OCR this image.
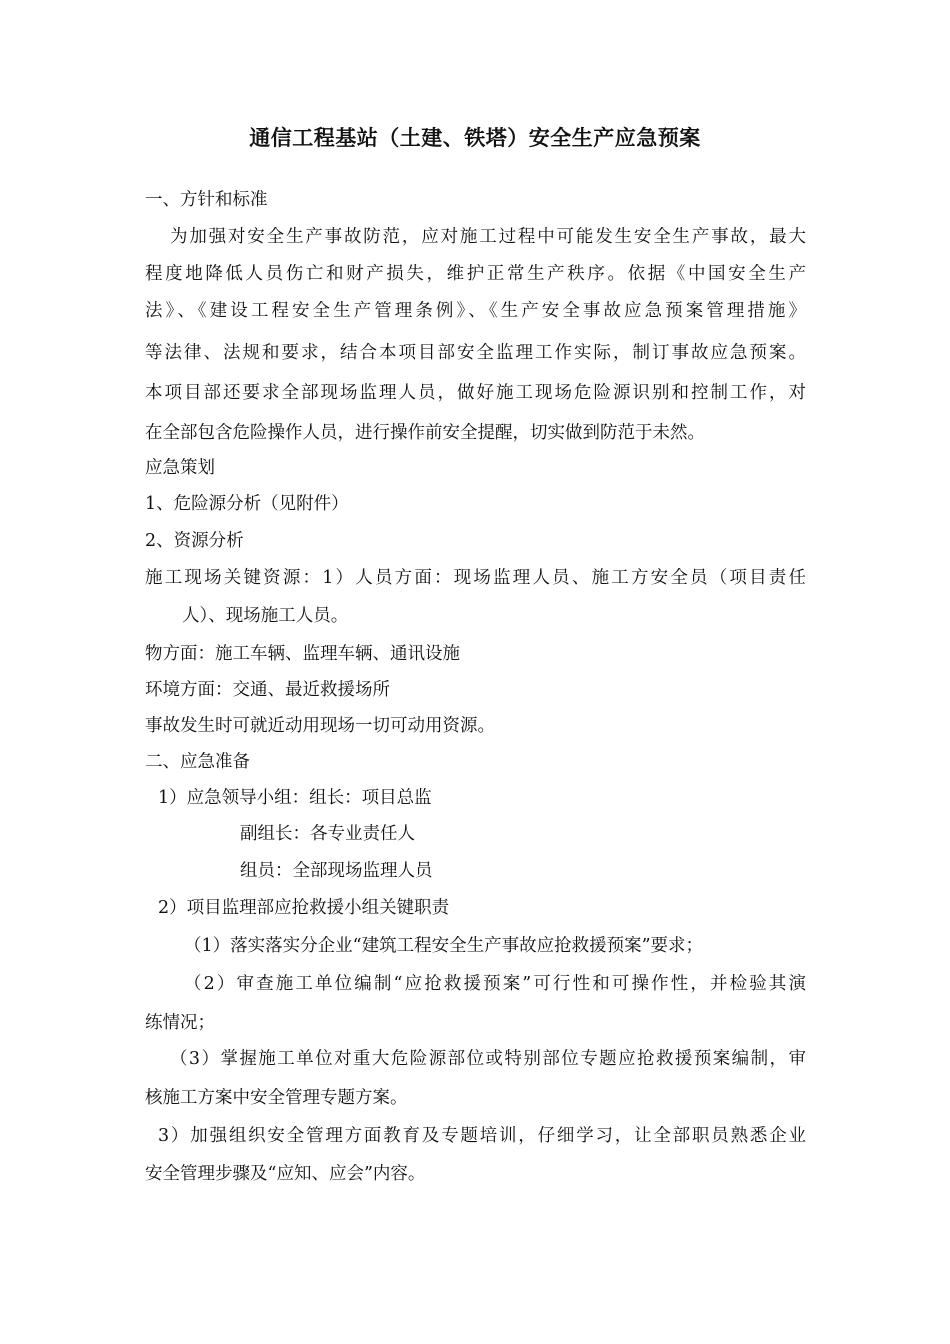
通信工程基站（土建、铁塔）安全生产应急预案
一、方针和标准
为加强对安全生产事故防范，应对施工过程中可能发生安全生产事故，最大
程度地降低人员伤亡和财产损失，维护正常生产秩序。依据《中国安全生产
法》、《建设工程安全生产管理条例》、《生产安全事故应急预案管理措施》
等法律、法规和要求，结合本项目部安全监理工作实际，制订事故应急预案。
本项目部还要求全部现场监理人员，做好施工现场危险源识别和控制工作，对
在全部包含危险操作人员，进行操作前安全提醒，切实做到防范于未然。
应急策划
1、危险源分析（见附件）
2、资源分析
施工现场关键资源：1）人员方面：现场监理人员、施工方安全员（项目责任
人）、现场施工人员。
物方面：施工车辆、监理车辆、通讯设施
环境方面：交通、最近救援场所
事故发生时可就近动用现场一切可动用资源。
二、应急准备
1）应急领导小组：组长：项目总监
副组长：各专业责任人
组员：全部现场监理人员
2）项目监理部应抢救援小组关键职责
（1）落实落实分企业“建筑工程安全生产事故应抢救援预案”要求；
（2）审查施工单位编制“应抢救援预案”可行性和可操作性，并检验其演
练情况；
（3）掌握施工单位对重大危险源部位或特别部位专题应抢救援预案编制，审
核施工方案中安全管理专题方案。
3）加强组织安全管理方面教育及专题培训，仔细学习，让全部职员熟悉企业
安全管理步骤及“应知、应会”内容。
